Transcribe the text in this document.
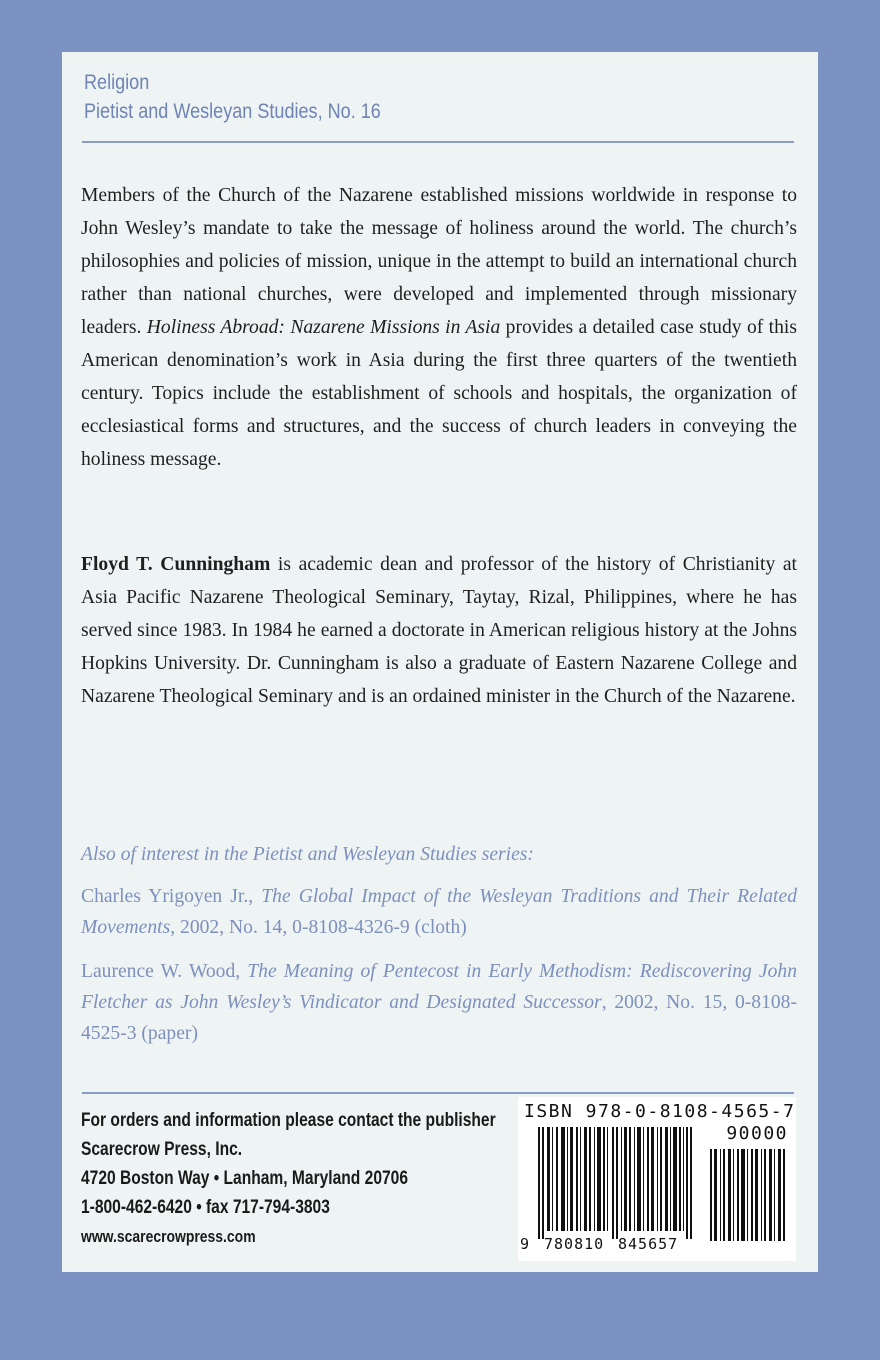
Religion
Pietist and Wesleyan Studies, No. 16

Members of the Church of the Nazarene established missions worldwide in response to John Wesley’s mandate to take the message of holiness around the world. The church’s philosophies and policies of mission, unique in the attempt to build an international church rather than national churches, were developed and implemented through missionary leaders. Holiness Abroad: Nazarene Missions in Asia provides a detailed case study of this American denomination’s work in Asia during the first three quarters of the twentieth century. Topics include the establishment of schools and hospitals, the organization of ecclesiastical forms and structures, and the success of church leaders in conveying the holiness message.

Floyd T. Cunningham is academic dean and professor of the history of Christianity at Asia Pacific Nazarene Theological Seminary, Taytay, Rizal, Philippines, where he has served since 1983. In 1984 he earned a doctorate in American religious history at the Johns Hopkins University. Dr. Cunningham is also a graduate of Eastern Nazarene College and Nazarene Theological Seminary and is an ordained minister in the Church of the Nazarene.

Also of interest in the Pietist and Wesleyan Studies series:

Charles Yrigoyen Jr., The Global Impact of the Wesleyan Traditions and Their Related Movements, 2002, No. 14, 0-8108-4326-9 (cloth)

Laurence W. Wood, The Meaning of Pentecost in Early Methodism: Rediscovering John Fletcher as John Wesley’s Vindicator and Designated Successor, 2002, No. 15, 0-8108-4525-3 (paper)

For orders and information please contact the publisher
Scarecrow Press, Inc.
4720 Boston Way • Lanham, Maryland 20706
1-800-462-6420 • fax 717-794-3803
www.scarecrowpress.com
ISBN 978-0-8108-4565-7
90000
9 780810 845657
